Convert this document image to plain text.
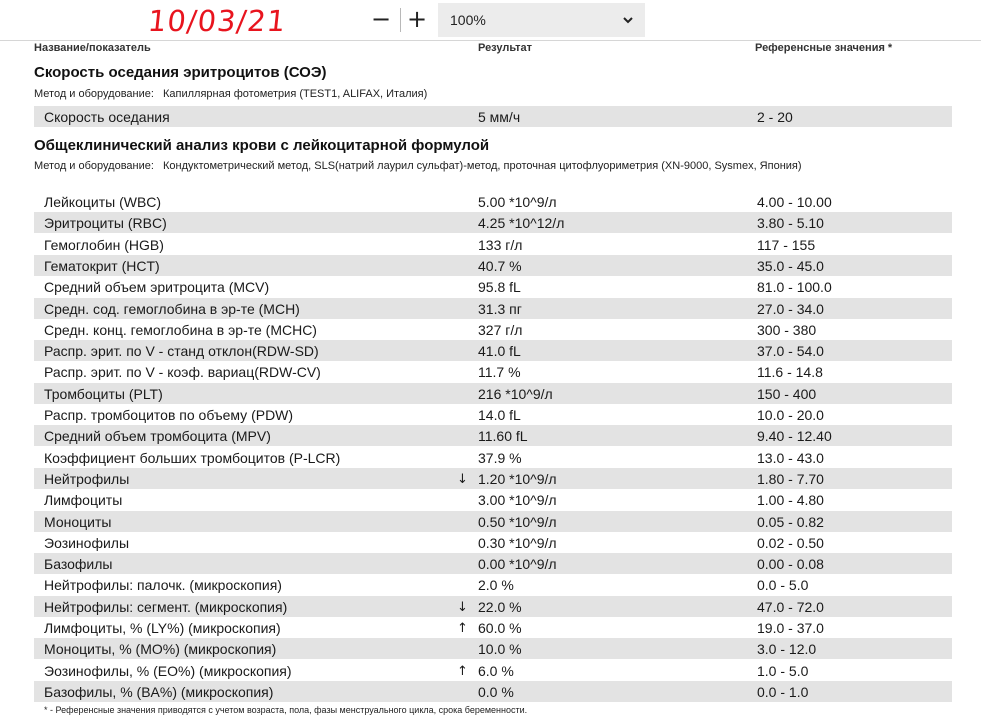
− +	100%
10/03/21
Название/показатель	Результат	Референсные значения *
Скорость оседания эритроцитов (СОЭ)
Метод и оборудование: Капиллярная фотометрия (TEST1, ALIFAX, Италия)
Скорость оседания	5 мм/ч	2 - 20
Общеклинический анализ крови с лейкоцитарной формулой
Метод и оборудование: Кондуктометрический метод, SLS(натрий лаурил сульфат)-метод, проточная цитофлуориметрия (XN-9000, Sysmex, Япония)
Лейкоциты (WBC)	5.00 *10^9/л	4.00 - 10.00
Эритроциты (RBC)	4.25 *10^12/л	3.80 - 5.10
Гемоглобин (HGB)	133 г/л	117 - 155
Гематокрит (HCT)	40.7 %	35.0 - 45.0
Средний объем эритроцита (MCV)	95.8 fL	81.0 - 100.0
Средн. сод. гемоглобина в эр-те (MCH)	31.3 пг	27.0 - 34.0
Средн. конц. гемоглобина в эр-те (MCHC)	327 г/л	300 - 380
Распр. эрит. по V - станд отклон(RDW-SD)	41.0 fL	37.0 - 54.0
Распр. эрит. по V - коэф. вариац(RDW-CV)	11.7 %	11.6 - 14.8
Тромбоциты (PLT)	216 *10^9/л	150 - 400
Распр. тромбоцитов по объему (PDW)	14.0 fL	10.0 - 20.0
Средний объем тромбоцита (MPV)	11.60 fL	9.40 - 12.40
Коэффициент больших тромбоцитов (P-LCR)	37.9 %	13.0 - 43.0
Нейтрофилы	↓ 1.20 *10^9/л	1.80 - 7.70
Лимфоциты	3.00 *10^9/л	1.00 - 4.80
Моноциты	0.50 *10^9/л	0.05 - 0.82
Эозинофилы	0.30 *10^9/л	0.02 - 0.50
Базофилы	0.00 *10^9/л	0.00 - 0.08
Нейтрофилы: палочк. (микроскопия)	2.0 %	0.0 - 5.0
Нейтрофилы: сегмент. (микроскопия)	↓ 22.0 %	47.0 - 72.0
Лимфоциты, % (LY%) (микроскопия)	↑ 60.0 %	19.0 - 37.0
Моноциты, % (MO%) (микроскопия)	10.0 %	3.0 - 12.0
Эозинофилы, % (EO%) (микроскопия)	↑ 6.0 %	1.0 - 5.0
Базофилы, % (BA%) (микроскопия)	0.0 %	0.0 - 1.0
* - Референсные значения приводятся с учетом возраста, пола, фазы менструального цикла, срока беременности.
